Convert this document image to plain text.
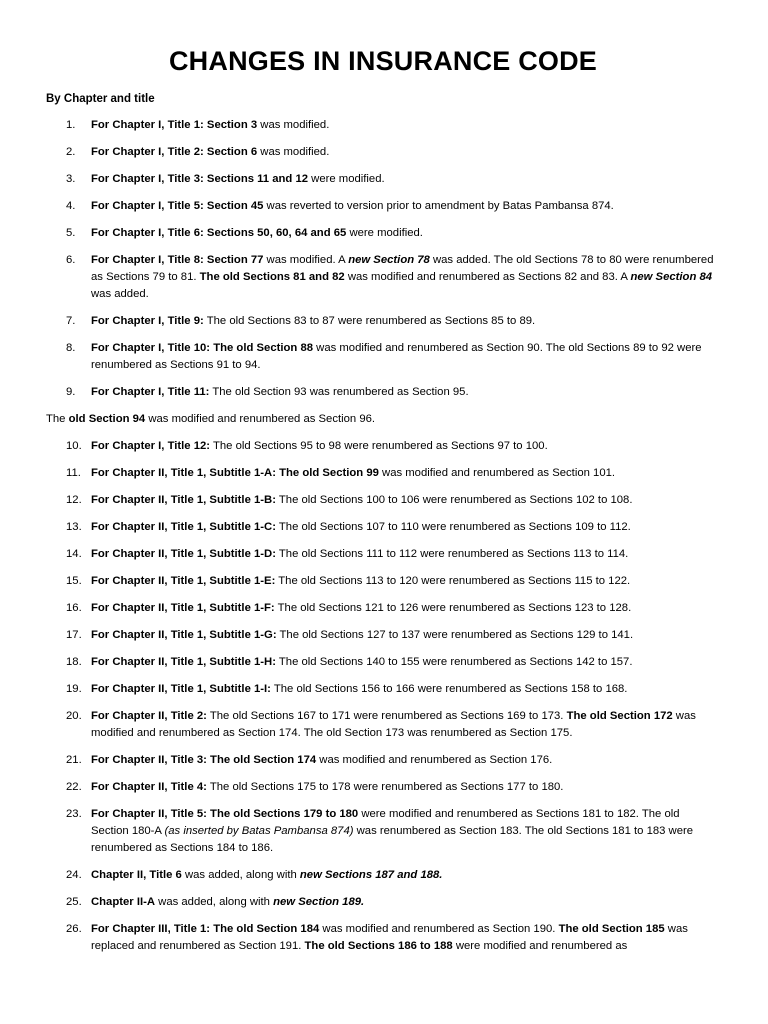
CHANGES IN INSURANCE CODE
By Chapter and title
1. For Chapter I, Title 1: Section 3 was modified.
2. For Chapter I, Title 2: Section 6 was modified.
3. For Chapter I, Title 3: Sections 11 and 12 were modified.
4. For Chapter I, Title 5: Section 45 was reverted to version prior to amendment by Batas Pambansa 874.
5. For Chapter I, Title 6: Sections 50, 60, 64 and 65 were modified.
6. For Chapter I, Title 8: Section 77 was modified. A new Section 78 was added. The old Sections 78 to 80 were renumbered as Sections 79 to 81. The old Sections 81 and 82 was modified and renumbered as Sections 82 and 83. A new Section 84 was added.
7. For Chapter I, Title 9: The old Sections 83 to 87 were renumbered as Sections 85 to 89.
8. For Chapter I, Title 10: The old Section 88 was modified and renumbered as Section 90. The old Sections 89 to 92 were renumbered as Sections 91 to 94.
9. For Chapter I, Title 11: The old Section 93 was renumbered as Section 95.
The old Section 94 was modified and renumbered as Section 96.
10. For Chapter I, Title 12: The old Sections 95 to 98 were renumbered as Sections 97 to 100.
11. For Chapter II, Title 1, Subtitle 1-A: The old Section 99 was modified and renumbered as Section 101.
12. For Chapter II, Title 1, Subtitle 1-B: The old Sections 100 to 106 were renumbered as Sections 102 to 108.
13. For Chapter II, Title 1, Subtitle 1-C: The old Sections 107 to 110 were renumbered as Sections 109 to 112.
14. For Chapter II, Title 1, Subtitle 1-D: The old Sections 111 to 112 were renumbered as Sections 113 to 114.
15. For Chapter II, Title 1, Subtitle 1-E: The old Sections 113 to 120 were renumbered as Sections 115 to 122.
16. For Chapter II, Title 1, Subtitle 1-F: The old Sections 121 to 126 were renumbered as Sections 123 to 128.
17. For Chapter II, Title 1, Subtitle 1-G: The old Sections 127 to 137 were renumbered as Sections 129 to 141.
18. For Chapter II, Title 1, Subtitle 1-H: The old Sections 140 to 155 were renumbered as Sections 142 to 157.
19. For Chapter II, Title 1, Subtitle 1-I: The old Sections 156 to 166 were renumbered as Sections 158 to 168.
20. For Chapter II, Title 2: The old Sections 167 to 171 were renumbered as Sections 169 to 173. The old Section 172 was modified and renumbered as Section 174. The old Section 173 was renumbered as Section 175.
21. For Chapter II, Title 3: The old Section 174 was modified and renumbered as Section 176.
22. For Chapter II, Title 4: The old Sections 175 to 178 were renumbered as Sections 177 to 180.
23. For Chapter II, Title 5: The old Sections 179 to 180 were modified and renumbered as Sections 181 to 182. The old Section 180-A (as inserted by Batas Pambansa 874) was renumbered as Section 183. The old Sections 181 to 183 were renumbered as Sections 184 to 186.
24. Chapter II, Title 6 was added, along with new Sections 187 and 188.
25. Chapter II-A was added, along with new Section 189.
26. For Chapter III, Title 1: The old Section 184 was modified and renumbered as Section 190. The old Section 185 was replaced and renumbered as Section 191. The old Sections 186 to 188 were modified and renumbered as
